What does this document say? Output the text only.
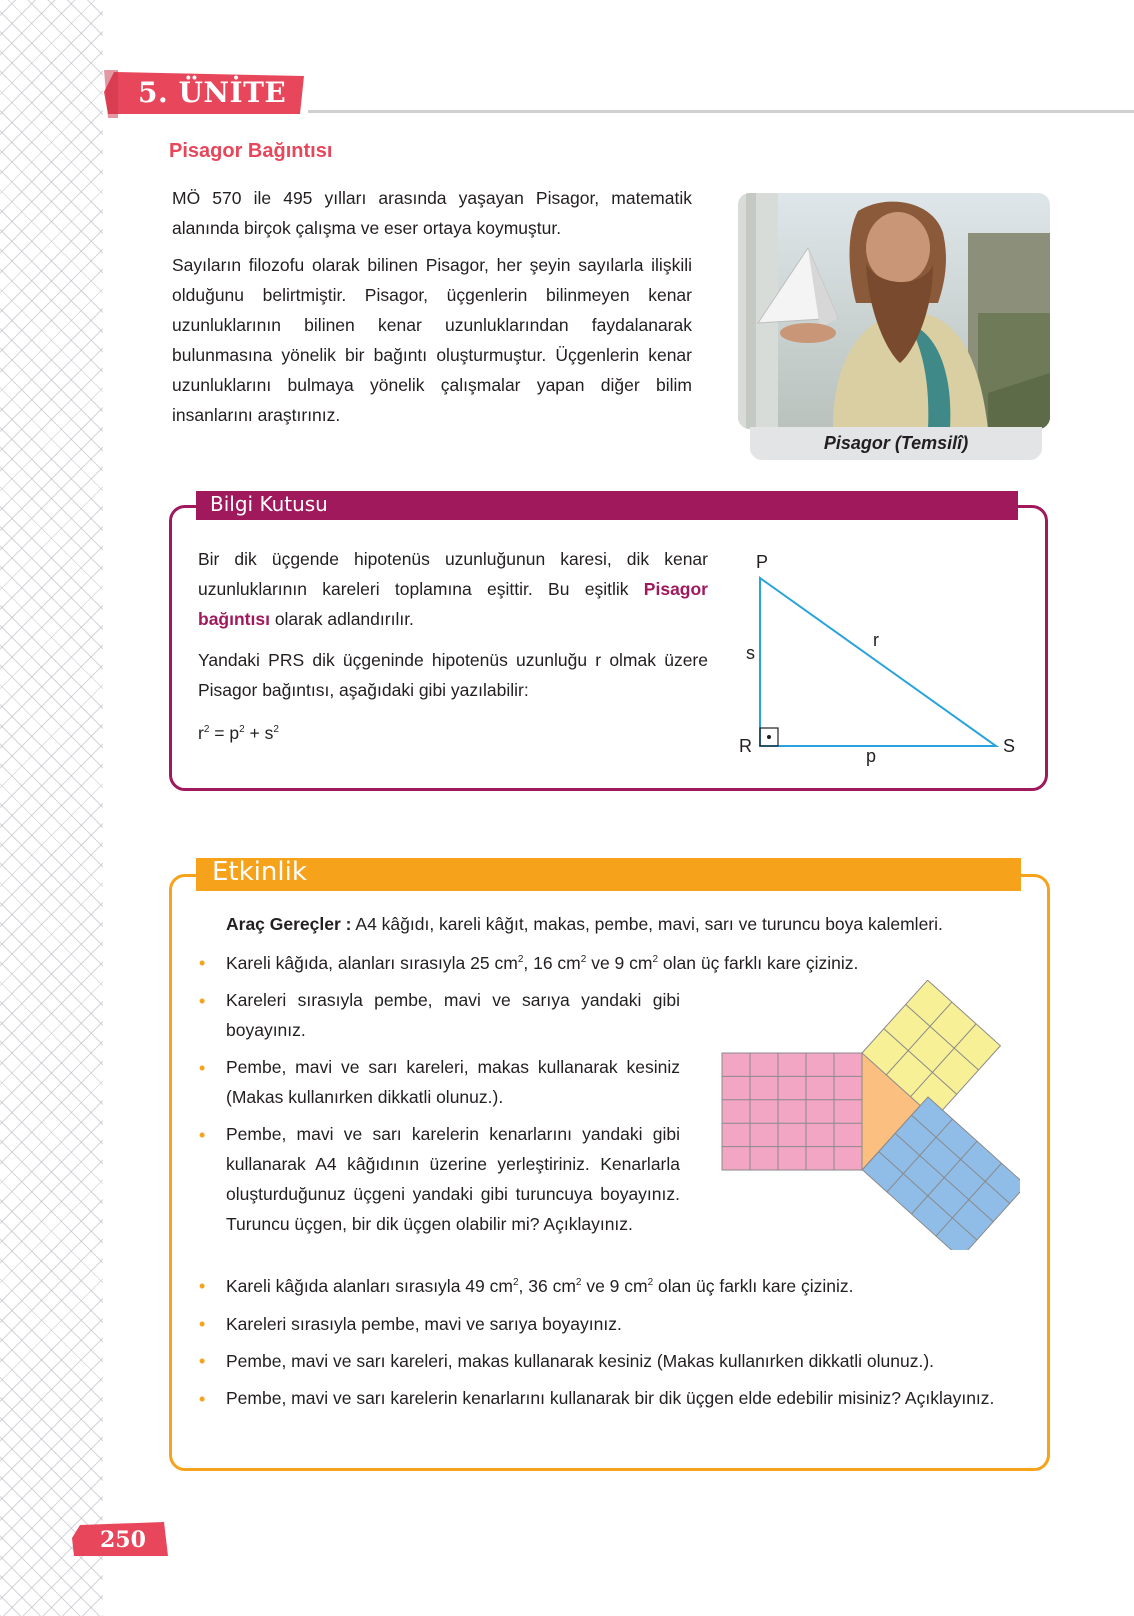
5. ÜNİTE
Pisagor Bağıntısı
MÖ 570 ile 495 yılları arasında yaşayan Pisagor, matematik alanında birçok çalışma ve eser ortaya koymuştur.
Sayıların filozofu olarak bilinen Pisagor, her şeyin sayılarla ilişkili olduğunu belirtmiştir. Pisagor, üçgenlerin bilinmeyen kenar uzunluklarının bilinen kenar uzunluklarından faydalanarak bulunmasına yönelik bir bağıntı oluşturmuştur. Üçgenlerin kenar uzunluklarını bulmaya yönelik çalışmalar yapan diğer bilim insanlarını araştırınız.
Pisagor (Temsilî)
Bilgi Kutusu
Bir dik üçgende hipotenüs uzunluğunun karesi, dik kenar uzunluklarının kareleri toplamına eşittir. Bu eşitlik Pisagor bağıntısı olarak adlandırılır.
Yandaki PRS dik üçgeninde hipotenüs uzunluğu r olmak üzere Pisagor bağıntısı, aşağıdaki gibi yazılabilir:
$r^2 = p^2 + s^2$
P
R	S
r
s
p
Etkinlik
Araç Gereçler : A4 kâğıdı, kareli kâğıt, makas, pembe, mavi, sarı ve turuncu boya kalemleri.
• Kareli kâğıda, alanları sırasıyla 25 $cm^2$, 16 $cm^2$ ve 9 $cm^2$ olan üç farklı kare çiziniz.
• Kareleri sırasıyla pembe, mavi ve sarıya yandaki gibi boyayınız.
• Pembe, mavi ve sarı kareleri, makas kullanarak kesiniz (Makas kullanırken dikkatli olunuz.).
• Pembe, mavi ve sarı karelerin kenarlarını yandaki gibi kullanarak A4 kâğıdının üzerine yerleştiriniz. Kenarlarla oluşturduğunuz üçgeni yandaki gibi turuncuya boyayınız. Turuncu üçgen, bir dik üçgen olabilir mi? Açıklayınız.
• Kareli kâğıda alanları sırasıyla 49 $cm^2$, 36 $cm^2$ ve 9 $cm^2$ olan üç farklı kare çiziniz.
• Kareleri sırasıyla pembe, mavi ve sarıya boyayınız.
• Pembe, mavi ve sarı kareleri, makas kullanarak kesiniz (Makas kullanırken dikkatli olunuz.).
• Pembe, mavi ve sarı karelerin kenarlarını kullanarak bir dik üçgen elde edebilir misiniz? Açıklayınız.
250
